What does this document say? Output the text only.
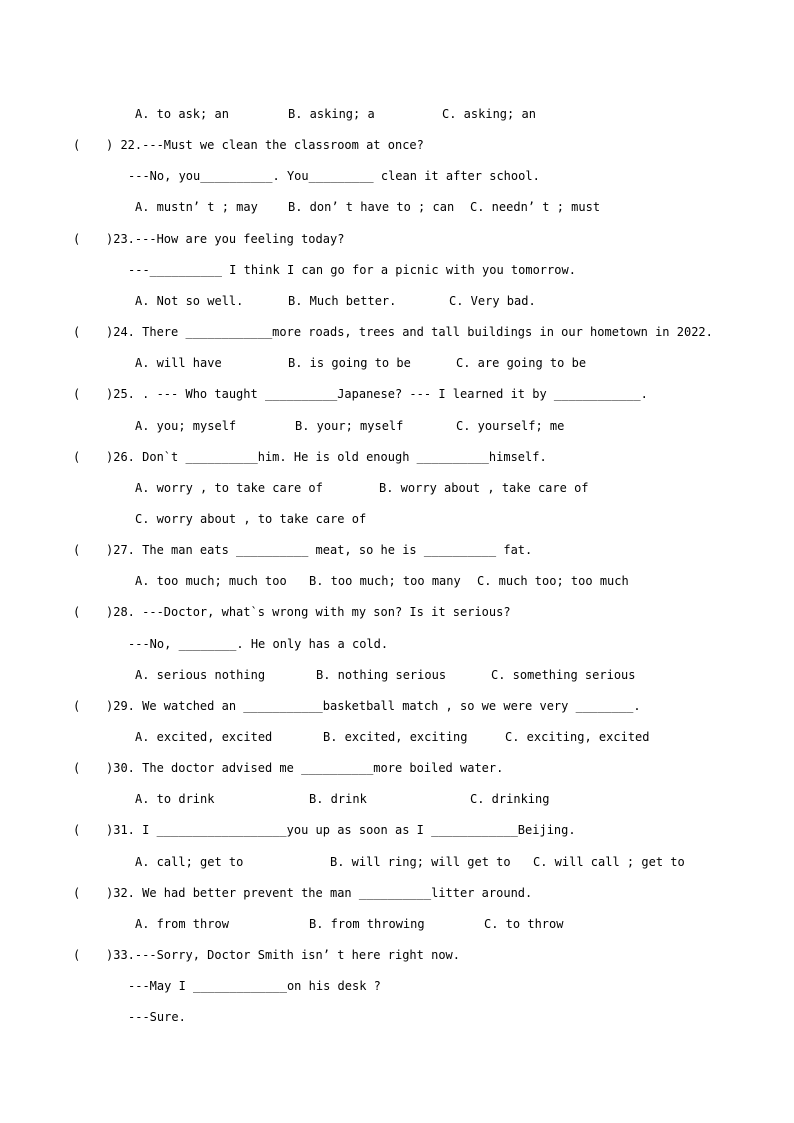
A. to ask; an	B. asking; a	C. asking; an
( ) 22.---Must we clean the classroom at once?
---No, you__________. You_________ clean it after school.
A. mustn’ t ; may	B. don’ t have to ; can C. needn’ t ; must
( )23.---How are you feeling today?
---__________ I think I can go for a picnic with you tomorrow.
A. Not so well.	B. Much better.	C. Very bad.
( )24. There ____________more roads, trees and tall buildings in our hometown in 2022.
A. will have	B. is going to be	C. are going to be
( )25. . --- Who taught __________Japanese? --- I learned it by ____________.
A. you; myself	B. your; myself	C. yourself; me
( )26. Don`t __________him. He is old enough __________himself.
A. worry , to take care of	B. worry about , take care of
C. worry about , to take care of
( )27. The man eats __________ meat, so he is __________ fat.
A. too much; much too B. too much; too many C. much too; too much
( )28. ---Doctor, what`s wrong with my son? Is it serious?
---No, ________. He only has a cold.
A. serious nothing	B. nothing serious	C. something serious
( )29. We watched an ___________basketball match , so we were very ________.
A. excited, excited	B. excited, exciting	C. exciting, excited
( )30. The doctor advised me __________more boiled water.
A. to drink	B. drink	C. drinking
( )31. I __________________you up as soon as I ____________Beijing.
A. call; get to	B. will ring; will get to C. will call ; get to
( )32. We had better prevent the man __________litter around.
A. from throw	B. from throwing	C. to throw
( )33.---Sorry, Doctor Smith isn’ t here right now.
---May I _____________on his desk ?
---Sure.
